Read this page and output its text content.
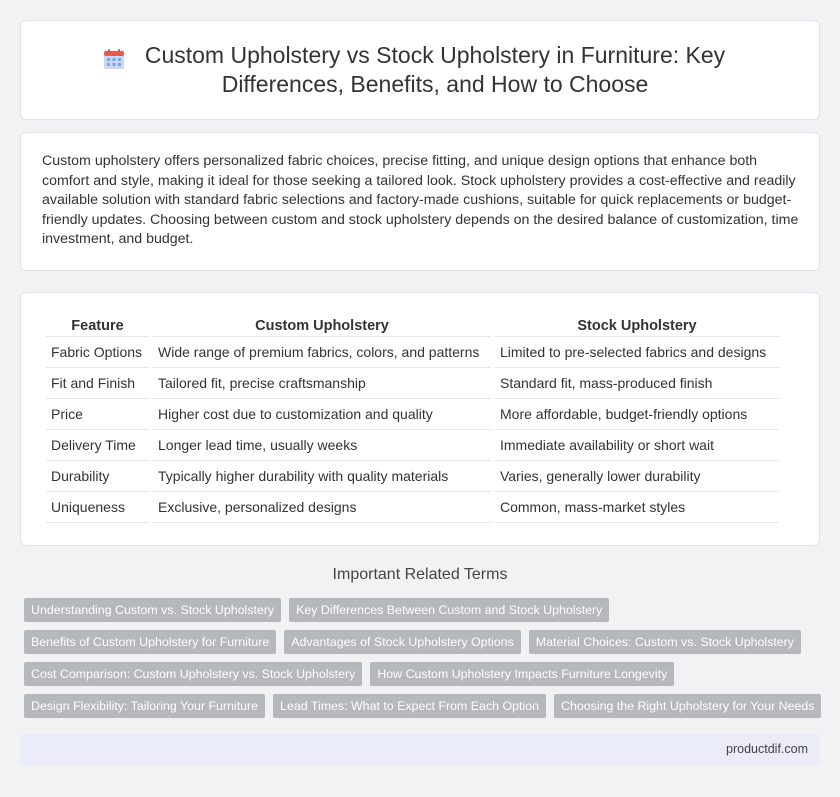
Custom Upholstery vs Stock Upholstery in Furniture: Key Differences, Benefits, and How to Choose

Custom upholstery offers personalized fabric choices, precise fitting, and unique design options that enhance both comfort and style, making it ideal for those seeking a tailored look. Stock upholstery provides a cost-effective and readily available solution with standard fabric selections and factory-made cushions, suitable for quick replacements or budget-friendly updates. Choosing between custom and stock upholstery depends on the desired balance of customization, time investment, and budget.

Feature	Custom Upholstery	Stock Upholstery
Fabric Options	Wide range of premium fabrics, colors, and patterns	Limited to pre-selected fabrics and designs
Fit and Finish	Tailored fit, precise craftsmanship	Standard fit, mass-produced finish
Price	Higher cost due to customization and quality	More affordable, budget-friendly options
Delivery Time	Longer lead time, usually weeks	Immediate availability or short wait
Durability	Typically higher durability with quality materials	Varies, generally lower durability
Uniqueness	Exclusive, personalized designs	Common, mass-market styles
Important Related Terms
Understanding Custom vs. Stock Upholstery	Key Differences Between Custom and Stock Upholstery
Benefits of Custom Upholstery for Furniture	Advantages of Stock Upholstery Options	Material Choices: Custom vs. Stock Upholstery
Cost Comparison: Custom Upholstery vs. Stock Upholstery	How Custom Upholstery Impacts Furniture Longevity
Design Flexibility: Tailoring Your Furniture	Lead Times: What to Expect From Each Option	Choosing the Right Upholstery for Your Needs
productdif.com
